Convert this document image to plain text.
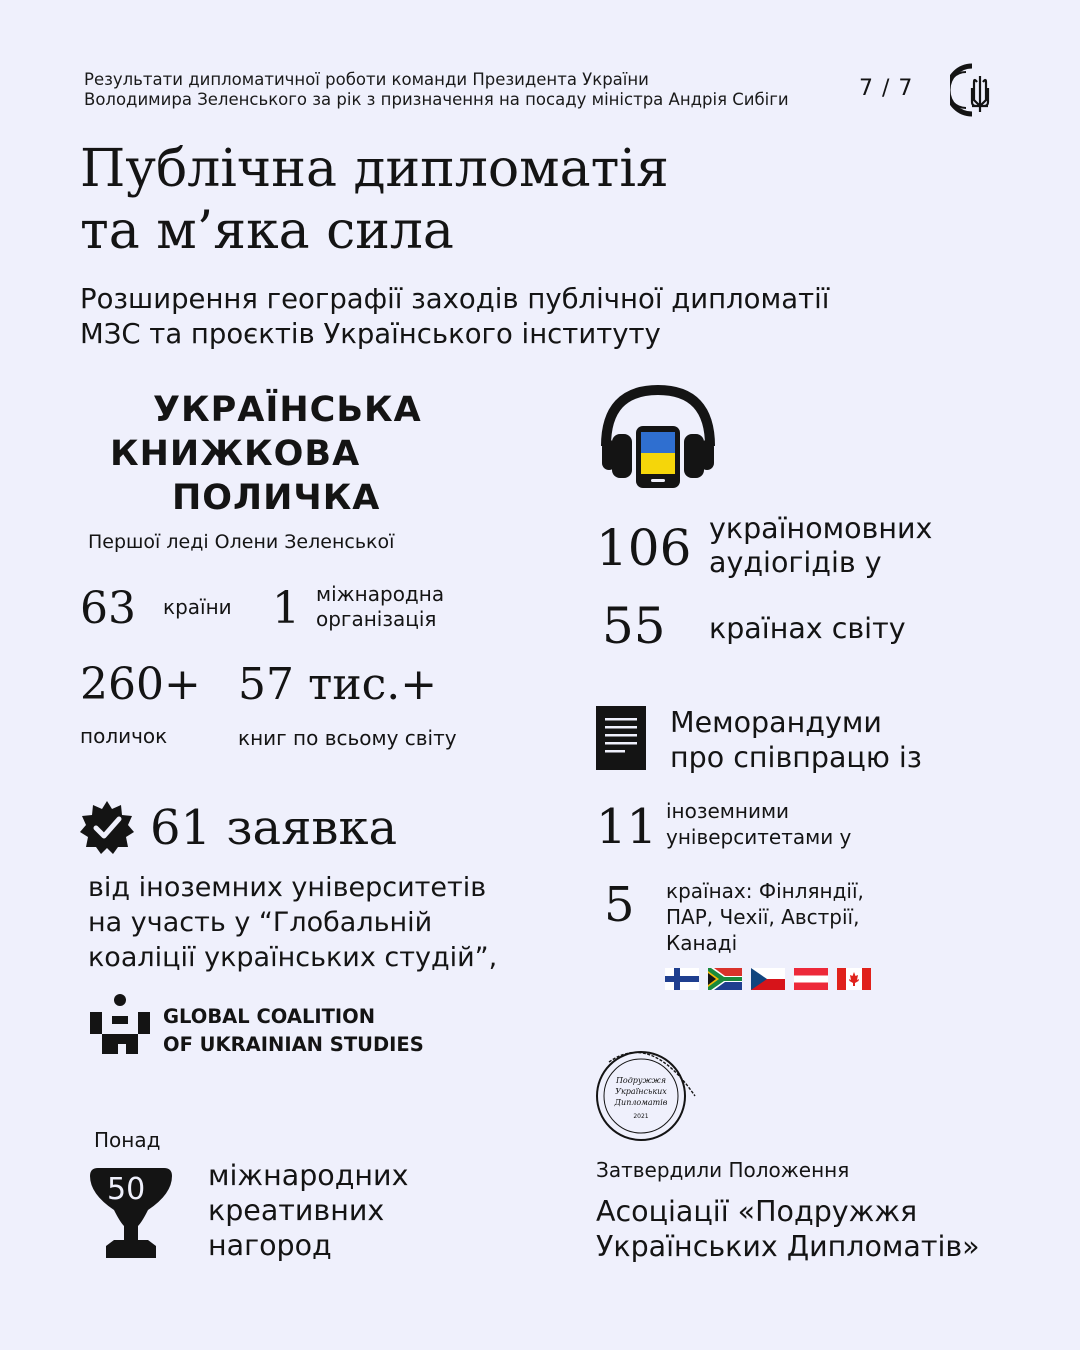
Результати дипломатичної роботи команди Президента України
Володимира Зеленського за рік з призначення на посаду міністра Андрія Сибіги	7 / 7
Публічна дипломатія
та м’яка сила
Розширення географії заходів публічної дипломатії
МЗС та проєктів Українського інституту
УКРАЇНСЬКА
КНИЖКОВА
ПОЛИЧКА
Першої леді Олени Зеленської
63 країни 1 міжнародна
організація
260+
поличок
57 тис.+
книг по всьому світу
61 заявка
від іноземних університетів
на участь у “Глобальній
коаліції українських студій”,
GLOBAL COALITION
OF UKRAINIAN STUDIES
Понад
50 міжнародних
креативних
нагород
106 україномовних
аудіогідів у
55 країнах світу
Меморандуми
про співпрацю із
11 іноземними
університетами у
5 країнах: Фінляндії,
ПАР, Чехії, Австрії,
Канаді
Подружжя
Українських
Дипломатів
2021
Затвердили Положення
Асоціації «Подружжя
Українських Дипломатів»
